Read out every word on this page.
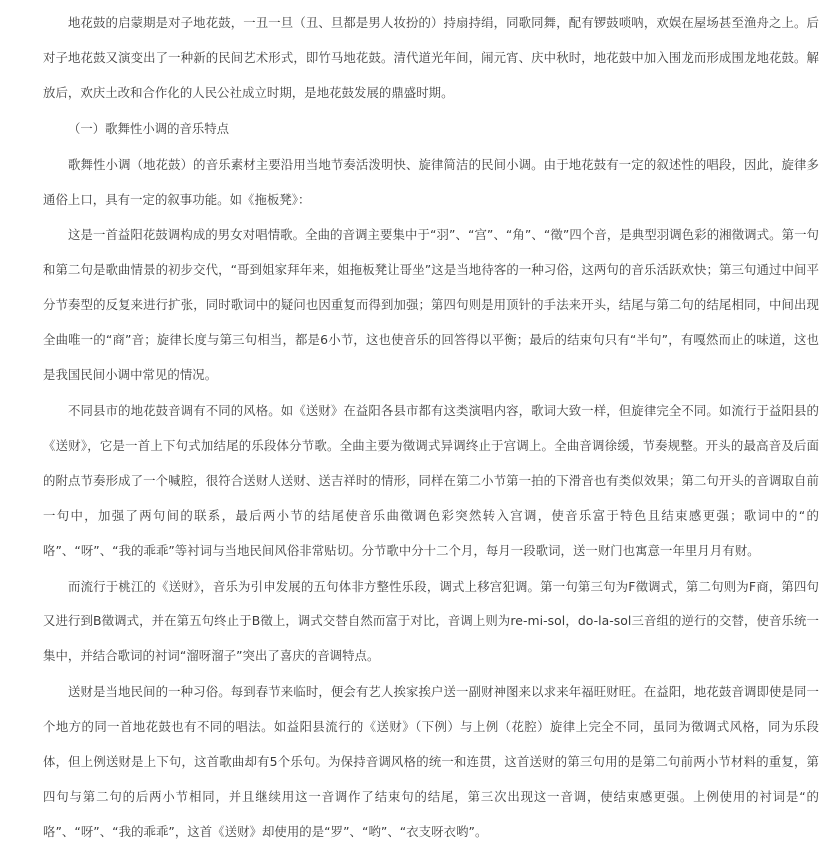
地花鼓的启蒙期是对子地花鼓，一丑一旦（丑、旦都是男人妆扮的）持扇持绢，同歌同舞，配有锣鼓唢呐，欢娱在屋场甚至渔舟之上。后对子地花鼓又演变出了一种新的民间艺术形式，即竹马地花鼓。清代道光年间，闹元宵、庆中秋时，地花鼓中加入围龙而形成围龙地花鼓。解放后，欢庆土改和合作化的人民公社成立时期，是地花鼓发展的鼎盛时期。

（一）歌舞性小调的音乐特点

歌舞性小调（地花鼓）的音乐素材主要沿用当地节奏活泼明快、旋律简洁的民间小调。由于地花鼓有一定的叙述性的唱段，因此，旋律多通俗上口，具有一定的叙事功能。如《拖板凳》：

这是一首益阳花鼓调构成的男女对唱情歌。全曲的音调主要集中于“羽”、“宫”、“角”、“徵”四个音，是典型羽调色彩的湘徵调式。第一句和第二句是歌曲情景的初步交代，“哥到姐家拜年来，姐拖板凳让哥坐”这是当地待客的一种习俗，这两句的音乐活跃欢快；第三句通过中间平分节奏型的反复来进行扩张，同时歌词中的疑问也因重复而得到加强；第四句则是用顶针的手法来开头，结尾与第二句的结尾相同，中间出现全曲唯一的“商”音；旋律长度与第三句相当，都是6小节，这也使音乐的回答得以平衡；最后的结束句只有“半句”，有嘎然而止的味道，这也是我国民间小调中常见的情况。

不同县市的地花鼓音调有不同的风格。如《送财》在益阳各县市都有这类演唱内容，歌词大致一样，但旋律完全不同。如流行于益阳县的《送财》，它是一首上下句式加结尾的乐段体分节歌。全曲主要为徵调式异调终止于宫调上。全曲音调徐缓，节奏规整。开头的最高音及后面的附点节奏形成了一个喊腔，很符合送财人送财、送吉祥时的情形，同样在第二小节第一拍的下滑音也有类似效果；第二句开头的音调取自前一句中，加强了两句间的联系，最后两小节的结尾使音乐曲徵调色彩突然转入宫调，使音乐富于特色且结束感更强；歌词中的“的咯”、“呀”、“我的乖乖”等衬词与当地民间风俗非常贴切。分节歌中分十二个月，每月一段歌词，送一财门也寓意一年里月月有财。

而流行于桃江的《送财》，音乐为引申发展的五句体非方整性乐段，调式上移宫犯调。第一句第三句为F徵调式，第二句则为F商，第四句又进行到B徵调式，并在第五句终止于B徵上，调式交替自然而富于对比，音调上则为re-mi-sol，do-la-sol三音组的逆行的交替，使音乐统一集中，并结合歌词的衬词“溜呀溜子”突出了喜庆的音调特点。

送财是当地民间的一种习俗。每到春节来临时，便会有艺人挨家挨户送一副财神图来以求来年福旺财旺。在益阳，地花鼓音调即使是同一个地方的同一首地花鼓也有不同的唱法。如益阳县流行的《送财》（下例）与上例（花腔）旋律上完全不同，虽同为徵调式风格，同为乐段体，但上例送财是上下句，这首歌曲却有5个乐句。为保持音调风格的统一和连贯，这首送财的第三句用的是第二句前两小节材料的重复，第四句与第二句的后两小节相同，并且继续用这一音调作了结束句的结尾，第三次出现这一音调，使结束感更强。上例使用的衬词是“的咯”、“呀”、“我的乖乖”，这首《送财》却使用的是“罗”、“哟”、“衣支呀衣哟”。
